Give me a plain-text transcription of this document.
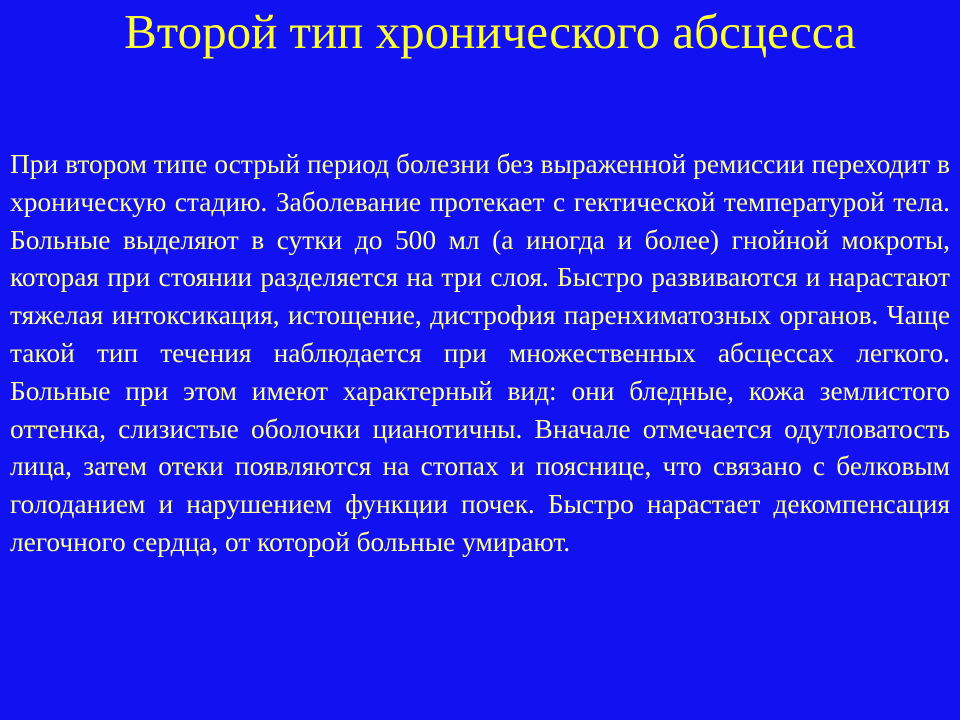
Второй тип хронического абсцесса

При втором типе острый период болезни без выраженной ремиссии переходит в хроническую стадию. Заболевание протекает с гектической температурой тела. Больные выделяют в сутки до 500 мл (а иногда и более) гнойной мокроты, которая при стоянии разделяется на три слоя. Быстро развиваются и нарастают тяжелая интоксикация, истощение, дистрофия паренхиматозных органов. Чаще такой тип течения наблюдается при множественных абсцессах легкого. Больные при этом имеют характерный вид: они бледные, кожа землистого оттенка, слизистые оболочки цианотичны. Вначале отмечается одутловатость лица, затем отеки появляются на стопах и пояснице, что связано с белковым голоданием и нарушением функции почек. Быстро нарастает декомпенсация легочного сердца, от которой больные умирают.
